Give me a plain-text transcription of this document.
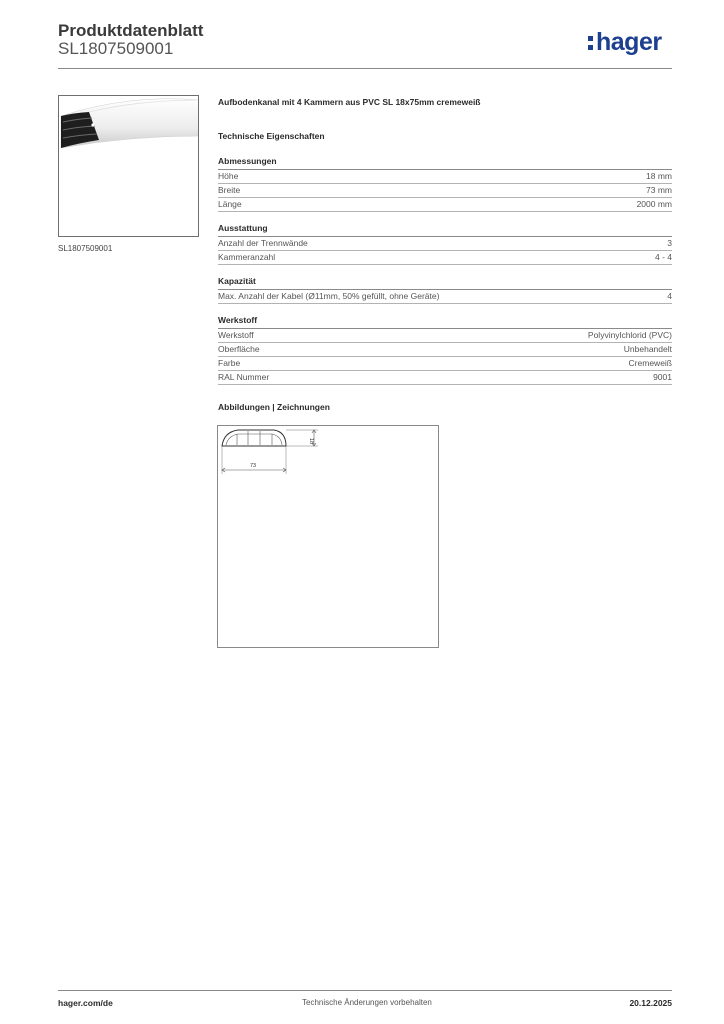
Produktdatenblatt
SL1807509001	hager
SL1807509001
Aufbodenkanal mit 4 Kammern aus PVC SL 18x75mm cremeweiß
Technische Eigenschaften
Abmessungen
Höhe	18 mm
Breite	73 mm
Länge	2000 mm
Ausstattung
Anzahl der Trennwände	3
Kammeranzahl	4 - 4
Kapazität
Max. Anzahl der Kabel (Ø11mm, 50% gefüllt, ohne Geräte)	4
Werkstoff
Werkstoff	Polyvinylchlorid (PVC)
Oberfläche	Unbehandelt
Farbe	Cremeweiß
RAL Nummer	9001
Abbildungen | Zeichnungen
18
73
hager.com/de	Technische Änderungen vorbehalten	20.12.2025
